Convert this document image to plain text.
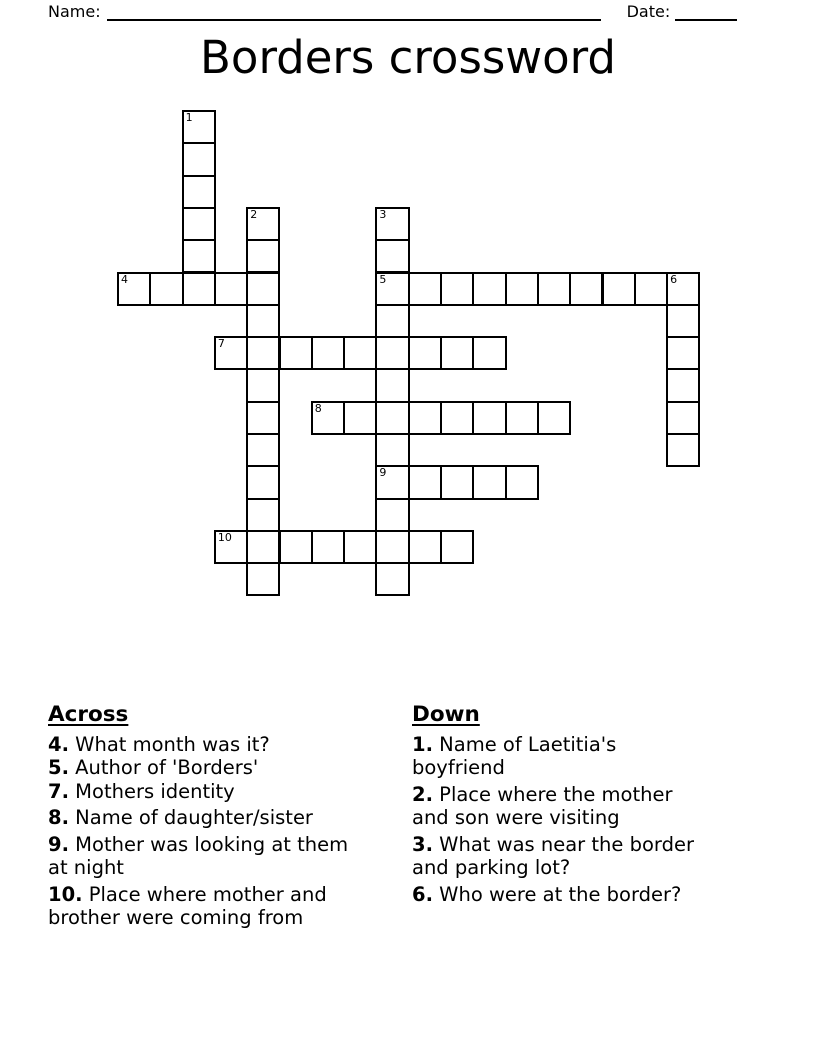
Name:	Date:
Borders crossword
1
2	3
5
9
4	6
7
8
10
Across
4. What month was it?
5. Author of 'Borders'
7. Mothers identity
8. Name of daughter/sister
9. Mother was looking at them
at night
10. Place where mother and
brother were coming from
Down
1. Name of Laetitia's
boyfriend
2. Place where the mother
and son were visiting
3. What was near the border
and parking lot?
6. Who were at the border?
